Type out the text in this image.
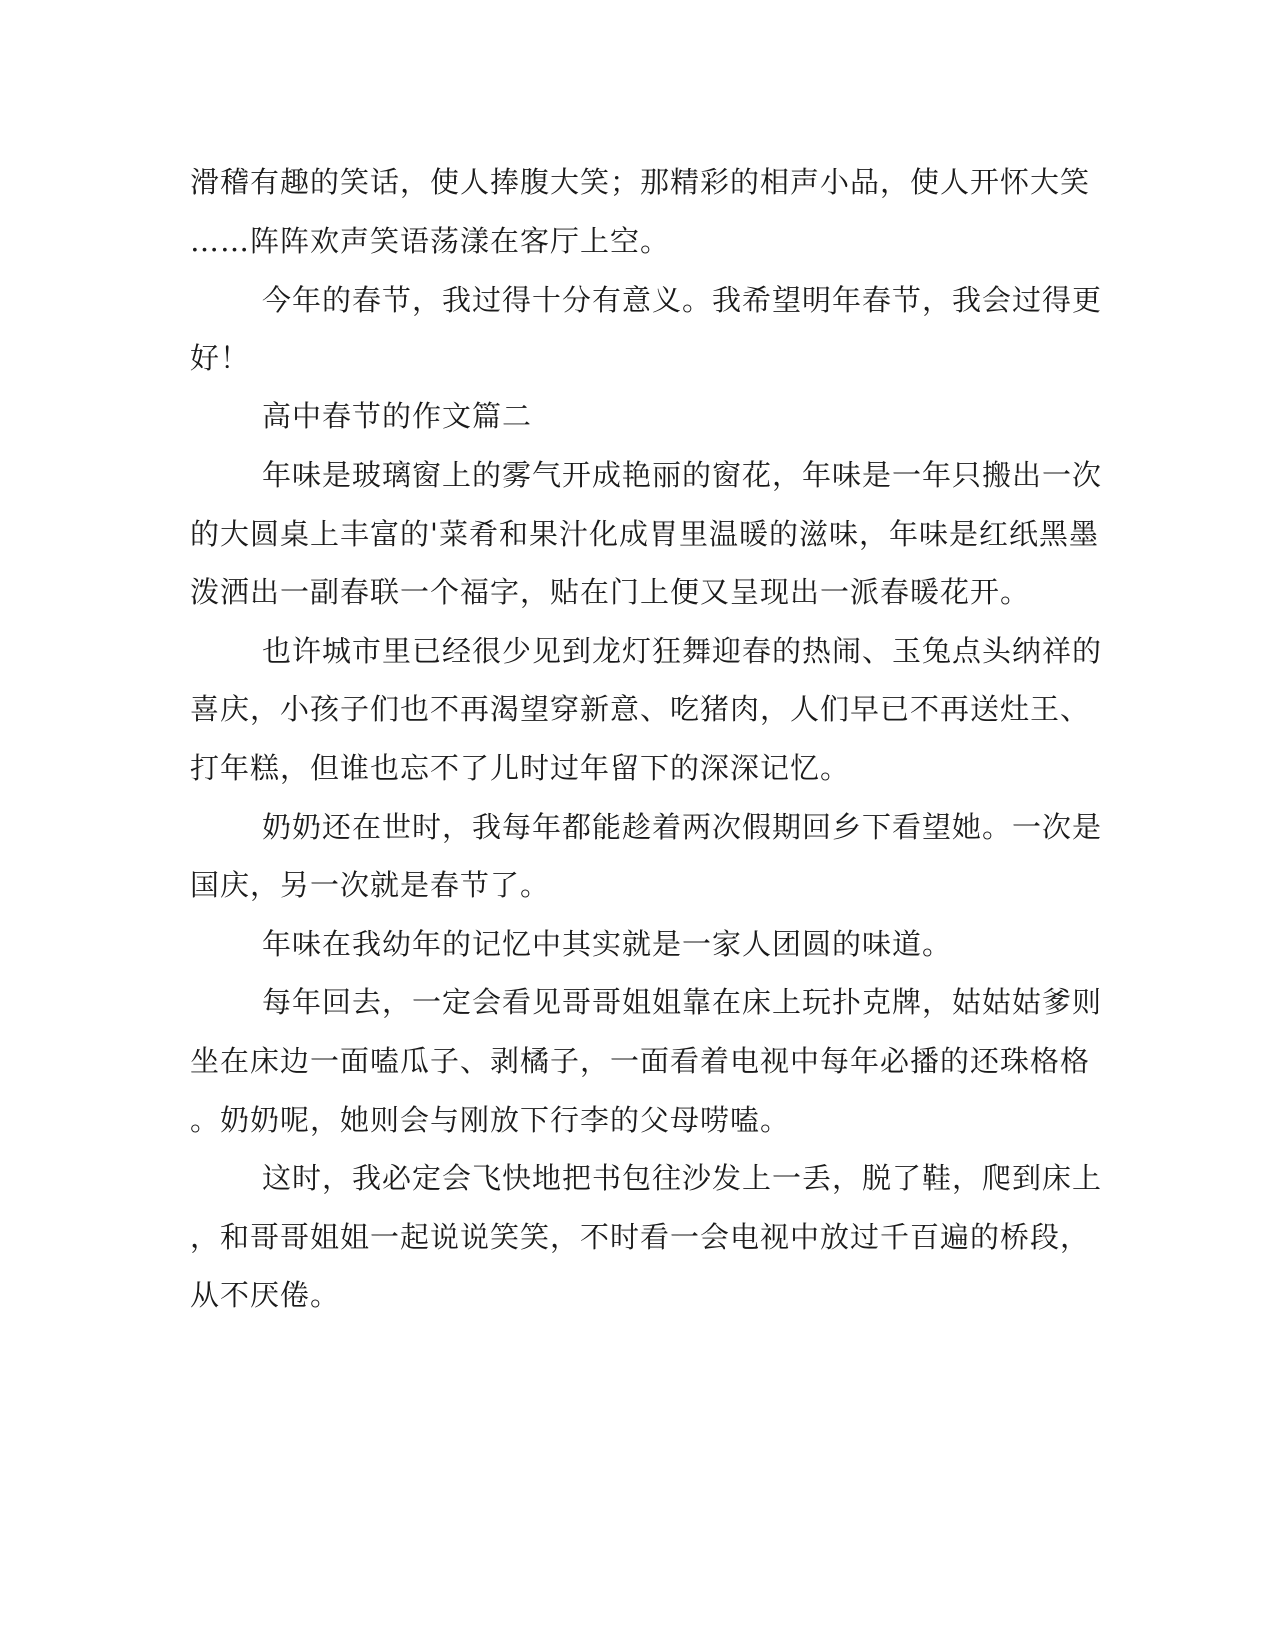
滑稽有趣的笑话，使人捧腹大笑；那精彩的相声小品，使人开怀大笑
……阵阵欢声笑语荡漾在客厅上空。
今年的春节，我过得十分有意义。我希望明年春节，我会过得更
好！
高中春节的作文篇二
年味是玻璃窗上的雾气开成艳丽的窗花，年味是一年只搬出一次
的大圆桌上丰富的'菜肴和果汁化成胃里温暖的滋味，年味是红纸黑墨
泼洒出一副春联一个福字，贴在门上便又呈现出一派春暖花开。
也许城市里已经很少见到龙灯狂舞迎春的热闹、玉兔点头纳祥的
喜庆，小孩子们也不再渴望穿新意、吃猪肉，人们早已不再送灶王、
打年糕，但谁也忘不了儿时过年留下的深深记忆。
奶奶还在世时，我每年都能趁着两次假期回乡下看望她。一次是
国庆，另一次就是春节了。
年味在我幼年的记忆中其实就是一家人团圆的味道。
每年回去，一定会看见哥哥姐姐靠在床上玩扑克牌，姑姑姑爹则
坐在床边一面嗑瓜子、剥橘子，一面看着电视中每年必播的还珠格格
。奶奶呢，她则会与刚放下行李的父母唠嗑。
这时，我必定会飞快地把书包往沙发上一丢，脱了鞋，爬到床上
，和哥哥姐姐一起说说笑笑，不时看一会电视中放过千百遍的桥段，
从不厌倦。
